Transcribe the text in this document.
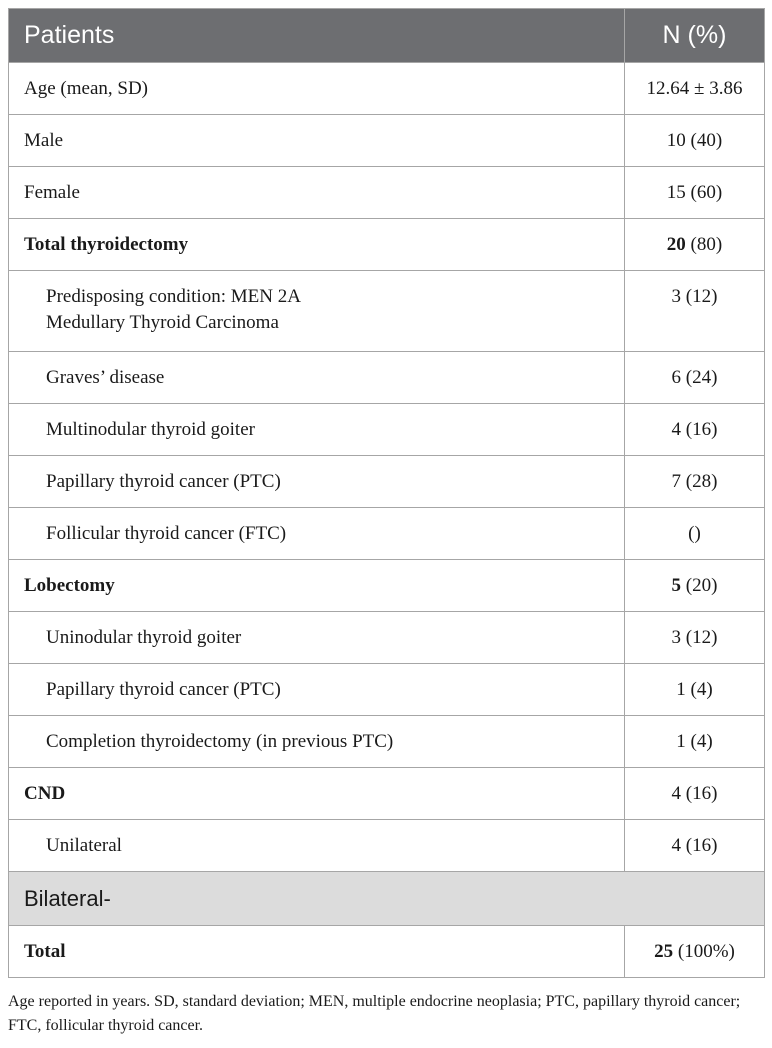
Patients	N (%)
Age (mean, SD)	12.64 ± 3.86
Male	10 (40)
Female	15 (60)
Total thyroidectomy	20 (80)

Predisposing condition: MEN 2A
Medullary Thyroid Carcinoma	3 (12)
Graves’ disease	6 (24)
Multinodular thyroid goiter	4 (16)
Papillary thyroid cancer (PTC)	7 (28)
Follicular thyroid cancer (FTC)	()
Lobectomy	5 (20)
Uninodular thyroid goiter	3 (12)
Papillary thyroid cancer (PTC)	1 (4)
Completion thyroidectomy (in previous PTC)	1 (4)
CND	4 (16)
Unilateral	4 (16)
Bilateral-	
Total	25 (100%)
Age reported in years. SD, standard deviation; MEN, multiple endocrine neoplasia; PTC, papillary thyroid cancer; FTC, follicular thyroid cancer.
